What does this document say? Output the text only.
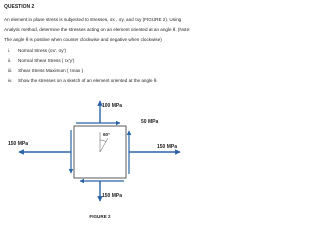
QUESTION 2
An element in plane stress is subjected to stresses, σx , σy, and τxy (FIGURE 2). Using Analytic method, determine the stresses acting on an element oriented at an angle θ. (Note: The angle θ is positive when counter clockwise and negative when clockwise)
i. Normal Stress (σx', σy')
ii. Normal Shear Stress ( τx'y')
iii. Shear Stress Maximum ( τmax )
iv. Show the stresses on a sketch of an element oriented at the angle θ.
100 MPa
50 MPa
150 MPa	150 MPa
150 MPa
60°
FIGURE 2
